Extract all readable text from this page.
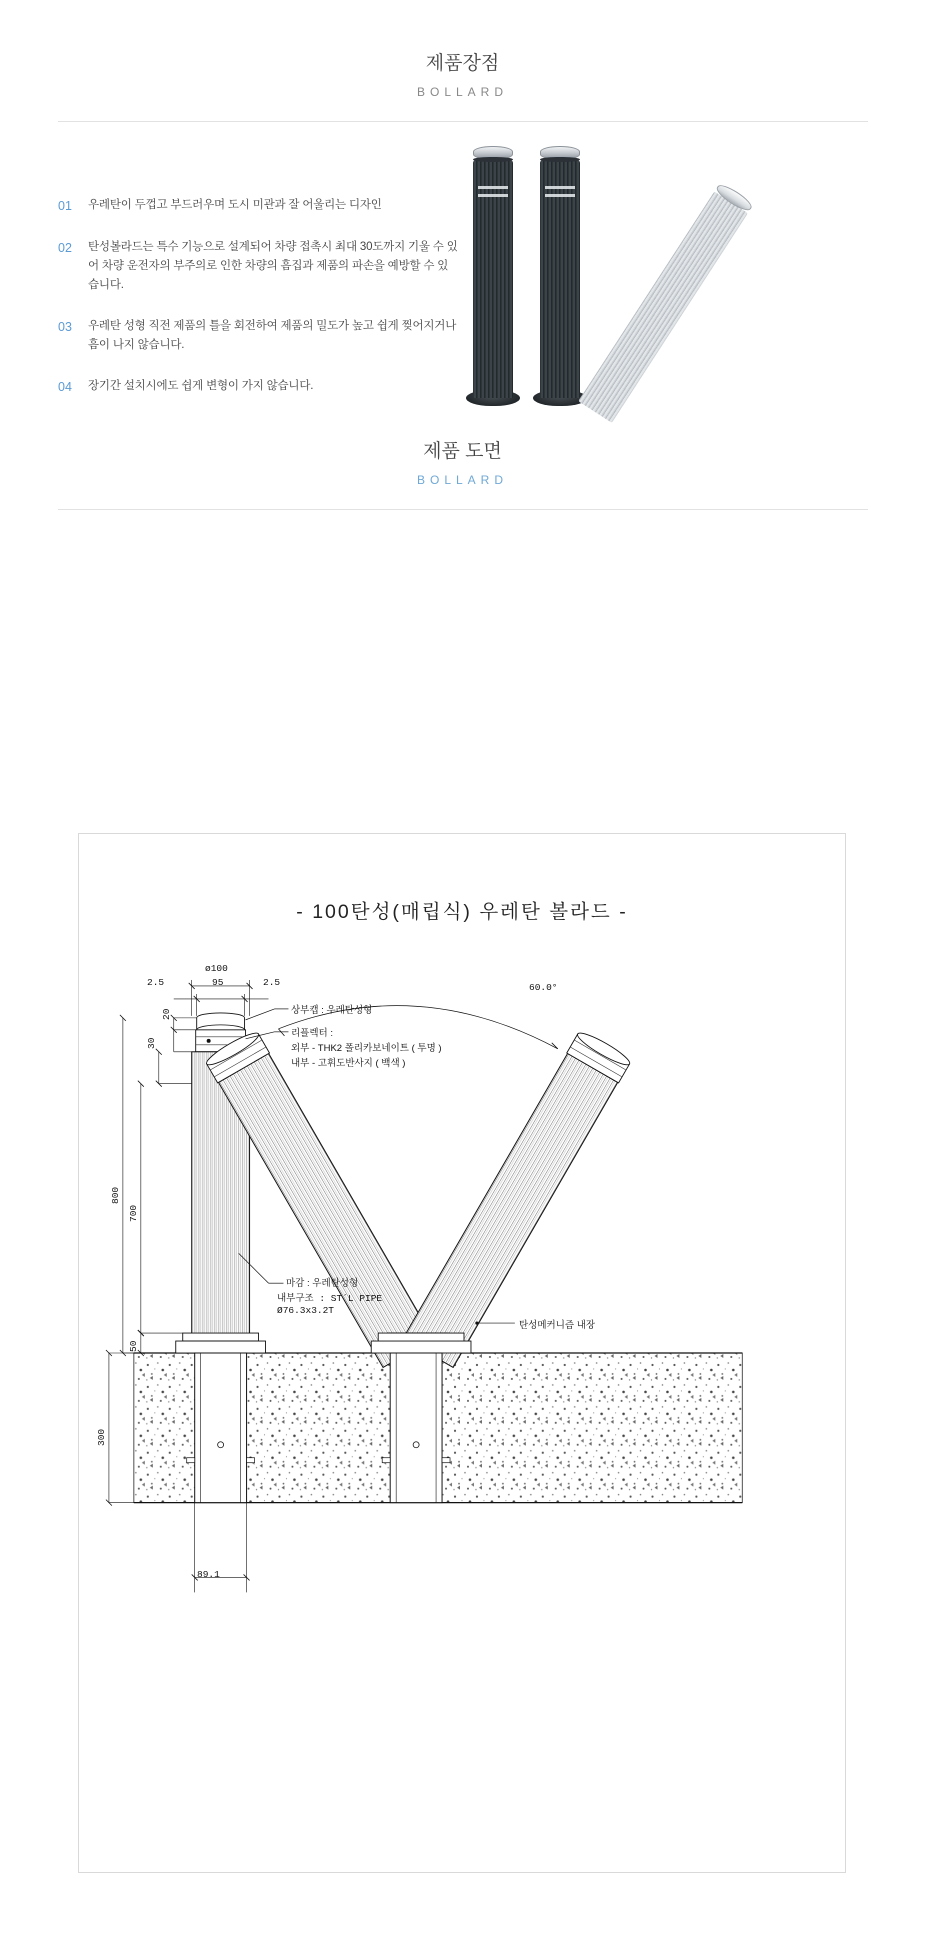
제품장점
BOLLARD
01	우레탄이 두껍고 부드러우며 도시 미관과 잘 어울리는 디자인
02	탄성볼라드는 특수 기능으로 설계되어 차량 접촉시 최대 30도까지 기울 수 있어 차량 운전자의 부주의로 인한 차량의 흠집과 제품의 파손을 예방할 수 있습니다.
03	우레탄 성형 직전 제품의 틀을 회전하여 제품의 밀도가 높고 쉽게 찢어지거나 흠이 나지 않습니다.
04	장기간 설치시에도 쉽게 변형이 가지 않습니다.
제품 도면
BOLLARD
- 100탄성(매립식) 우레탄 볼라드 -
ø100
95
2.5	2.5
20
30
800
700
50
300
89.1
60.0°
상부캡 : 우레탄성형
리플렉터 :
외부 - THK2 폴리카보네이트 ( 투명 )
내부 - 고휘도반사지 ( 백색 )
마감 : 우레탄성형
내부구조 : ST´L PIPE
Ø76.3x3.2T
탄성메커니즘 내장
